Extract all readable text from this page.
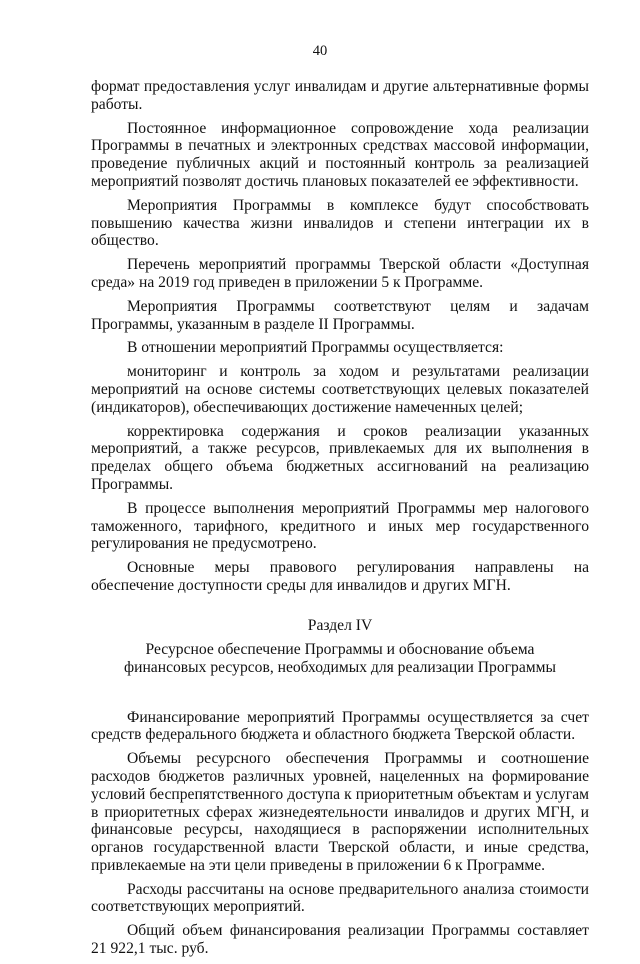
40

формат предоставления услуг инвалидам и другие альтернативные формы работы.

Постоянное информационное сопровождение хода реализации Программы в печатных и электронных средствах массовой информации, проведение публичных акций и постоянный контроль за реализацией мероприятий позволят достичь плановых показателей ее эффективности.

Мероприятия Программы в комплексе будут способствовать повышению качества жизни инвалидов и степени интеграции их в общество.

Перечень мероприятий программы Тверской области «Доступная среда» на 2019 год приведен в приложении 5 к Программе.

Мероприятия Программы соответствуют целям и задачам Программы, указанным в разделе II Программы.

В отношении мероприятий Программы осуществляется:

мониторинг и контроль за ходом и результатами реализации мероприятий на основе системы соответствующих целевых показателей (индикаторов), обеспечивающих достижение намеченных целей;

корректировка содержания и сроков реализации указанных мероприятий, а также ресурсов, привлекаемых для их выполнения в пределах общего объема бюджетных ассигнований на реализацию Программы.

В процессе выполнения мероприятий Программы мер налогового таможенного, тарифного, кредитного и иных мер государственного регулирования не предусмотрено.

Основные меры правового регулирования направлены на обеспечение доступности среды для инвалидов и других МГН.

Раздел IV
Ресурсное обеспечение Программы и обоснование объема
финансовых ресурсов, необходимых для реализации Программы

Финансирование мероприятий Программы осуществляется за счет средств федерального бюджета и областного бюджета Тверской области.

Объемы ресурсного обеспечения Программы и соотношение расходов бюджетов различных уровней, нацеленных на формирование условий беспрепятственного доступа к приоритетным объектам и услугам в приоритетных сферах жизнедеятельности инвалидов и других МГН, и финансовые ресурсы, находящиеся в распоряжении исполнительных органов государственной власти Тверской области, и иные средства, привлекаемые на эти цели приведены в приложении 6 к Программе.

Расходы рассчитаны на основе предварительного анализа стоимости соответствующих мероприятий.

Общий объем финансирования реализации Программы составляет 21 922,1 тыс. руб.
